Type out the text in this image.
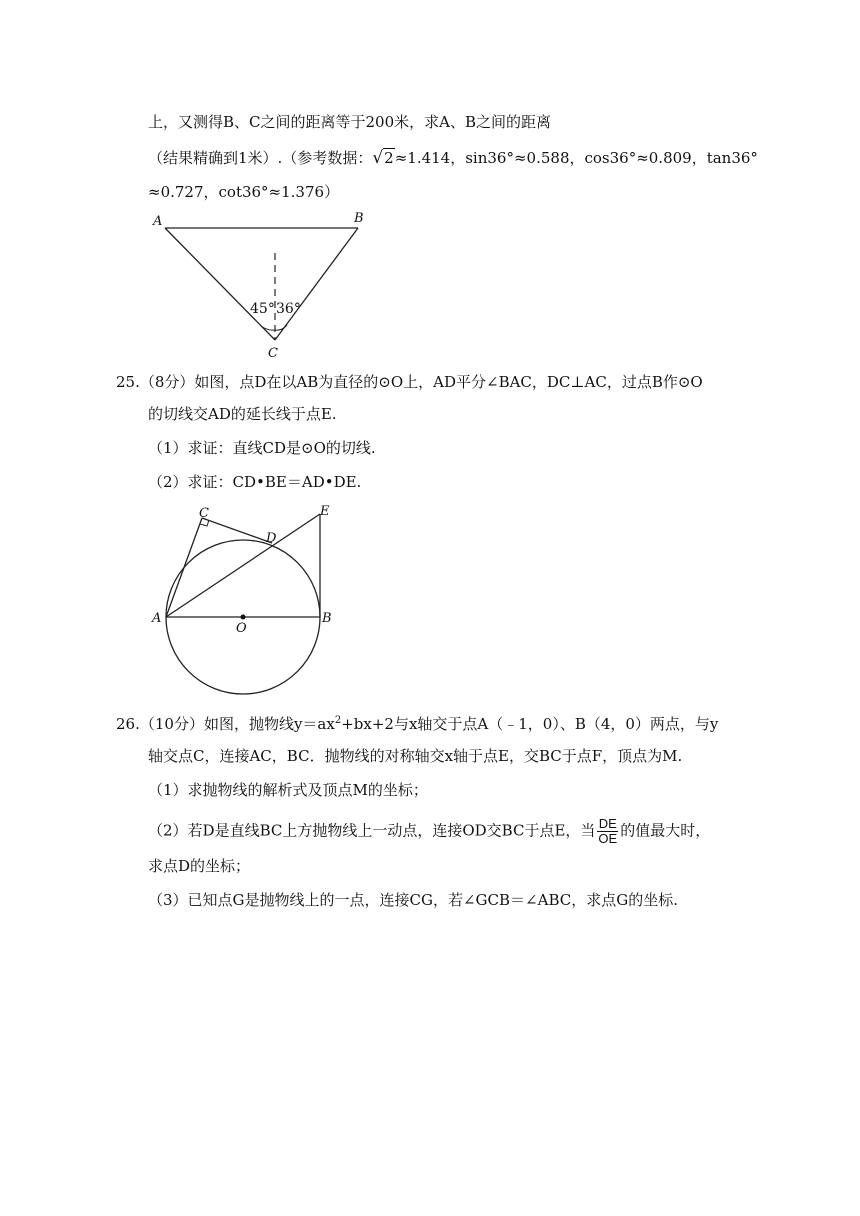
上，又测得B、C之间的距离等于200米，求A、B之间的距离
（结果精确到1米）.（参考数据：√2≈1.414，sin36°≈0.588，cos36°≈0.809，tan36°
≈0.727，cot36°≈1.376）
A	B
C
45° 36°
25.（8分）如图，点D在以AB为直径的⊙O上，AD平分∠BAC，DC⊥AC，过点B作⊙O
的切线交AD的延长线于点E.
（1）求证：直线CD是⊙O的切线.
（2）求证：CD•BE＝AD•DE.
A	B
C
D
E
O
26.（10分）如图，抛物线$y=ax^2+bx+2$与x轴交于点A（﹣1，0）、B（4，0）两点，与y
轴交点C，连接AC，BC．抛物线的对称轴交x轴于点E，交BC于点F，顶点为M.
（1）求抛物线的解析式及顶点M的坐标；
（2）若D是直线BC上方抛物线上一动点，连接OD交BC于点E，当 $\frac{DE}{OE}$ 的值最大时，
求点D的坐标；
（3）已知点G是抛物线上的一点，连接CG，若∠GCB＝∠ABC，求点G的坐标.
